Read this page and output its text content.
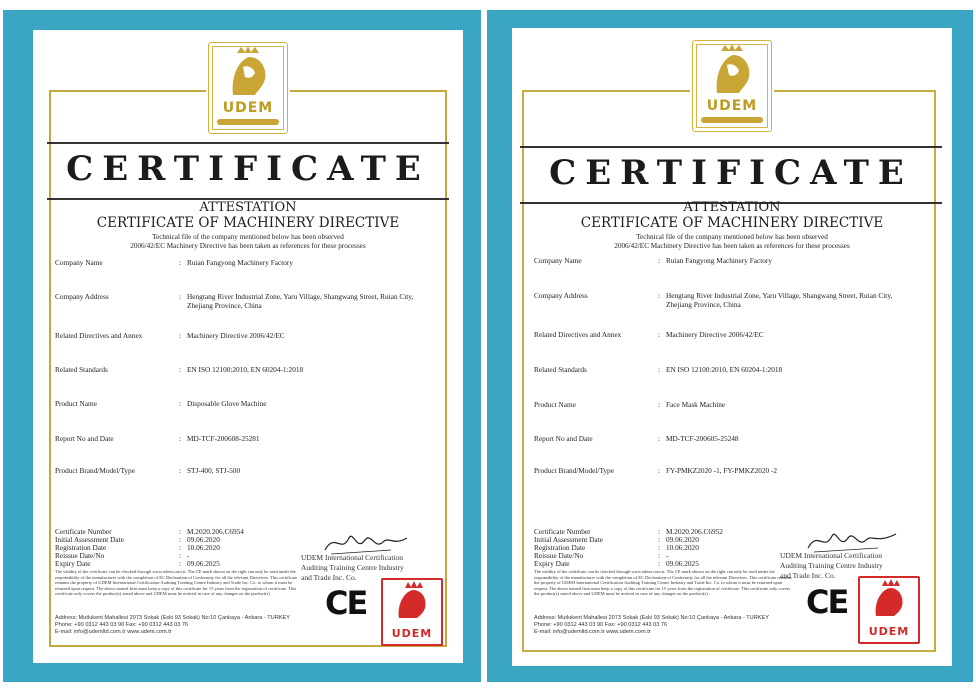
UDEM
CERTIFICATE
ATTESTATION
CERTIFICATE OF MACHINERY DIRECTIVE
Technical file of the company mentioned below has been observed
2006/42/EC Machinery Directive has been taken as references for these processes
Company Name	: Ruian Fangyong Machinery Factory
Company Address	: Hengtang River Industrial Zone, Yaru Village, Shangwang Street, Ruian City, Zhejiang Province, China
Related Directives and Annex	: Machinery Directive 2006/42/EC
Related Standards	: EN ISO 12100:2010, EN 60204-1:2018
Product Name	: Disposable Glove Machine
Report No and Date	: MD-TCF-200608-25281
Product Brand/Model/Type	: STJ-400, STJ-500
Certificate Number	: M.2020.206.C6954
Initial Assessment Date	: 09.06.2020
Registration Date	: 10.06.2020
Reissue Date/No	: -
Expiry Date	: 09.06.2025
The validity of the certificate can be checked through www.udem.com.tr. The CE mark shown on the right can only be used under the responsibility of the manufacturer with the completion of EC Declaration of Conformity for all the relevant Directives. This certificate remains the property of UDEM International Certification Auditing Training Centre Industry and Trade Inc. Co. to whom it must be returned upon request. The above named firm must keep a copy of this certificate for 15 years from the registration of certificate. This certificate only covers the product(s) stated above and UDEM must be noticed in case of any changes on the product(s)
Address: Mutlukent Mahallesi 2073 Sokak (Eski 93 Sokak) No:10 Çankaya - Ankara - TURKEY
Phone: +90 0312 443 03 90 Fax: +90 0312 443 03 76
E-mail: info@udemltd.com.tr www.udem.com.tr
UDEM International Certification
Auditing Training Centre Industry
and Trade Inc. Co.
CE
UDEM
UDEM
CERTIFICATE
ATTESTATION
CERTIFICATE OF MACHINERY DIRECTIVE
Technical file of the company mentioned below has been observed
2006/42/EC Machinery Directive has been taken as references for these processes
Company Name	: Ruian Fangyong Machinery Factory
Company Address	: Hengtang River Industrial Zone, Yaru Village, Shangwang Street, Ruian City, Zhejiang Province, China
Related Directives and Annex	: Machinery Directive 2006/42/EC
Related Standards	: EN ISO 12100:2010, EN 60204-1:2018
Product Name	: Face Mask Machine
Report No and Date	: MD-TCF-200605-25248
Product Brand/Model/Type	: FY-PMKZ2020 -1, FY-PMKZ2020 -2
Certificate Number	: M.2020.206.C6952
Initial Assessment Date	: 09.06.2020
Registration Date	: 10.06.2020
Reissue Date/No	: -
Expiry Date	: 09.06.2025
The validity of the certificate can be checked through www.udem.com.tr. The CE mark shown on the right can only be used under the responsibility of the manufacturer with the completion of EC Declaration of Conformity for all the relevant Directives. This certificate remains the property of UDEM International Certification Auditing Training Centre Industry and Trade Inc. Co. to whom it must be returned upon request. The above named firm must keep a copy of this certificate for 15 years from the registration of certificate. This certificate only covers the product(s) stated above and UDEM must be noticed in case of any changes on the product(s)
Address: Mutlukent Mahallesi 2073 Sokak (Eski 93 Sokak) No:10 Çankaya - Ankara - TURKEY
Phone: +90 0312 443 03 90 Fax: +90 0312 443 03 76
E-mail: info@udemltd.com.tr www.udem.com.tr
UDEM International Certification
Auditing Training Centre Industry
and Trade Inc. Co.
CE
UDEM
